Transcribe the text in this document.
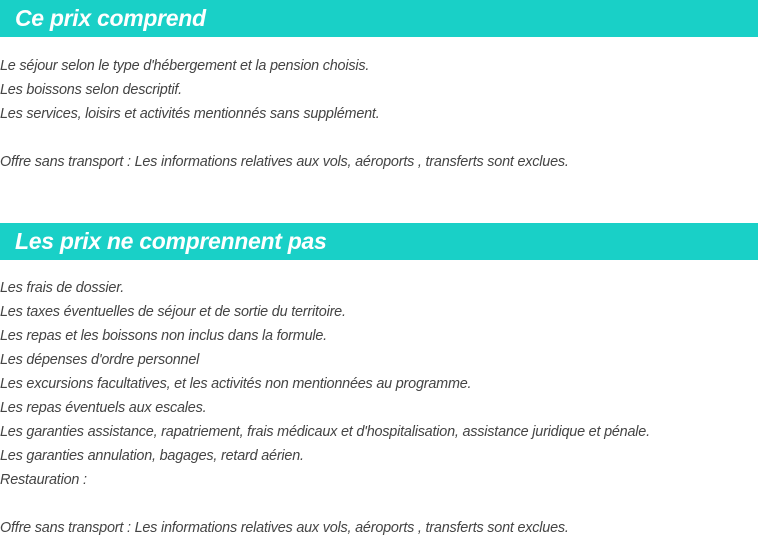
Ce prix comprend
Le séjour selon le type d'hébergement et la pension choisis.
Les boissons selon descriptif.
Les services, loisirs et activités mentionnés sans supplément.
Offre sans transport : Les informations relatives aux vols, aéroports , transferts sont exclues.
Les prix ne comprennent pas
Les frais de dossier.
Les taxes éventuelles de séjour et de sortie du territoire.
Les repas et les boissons non inclus dans la formule.
Les dépenses d'ordre personnel
Les excursions facultatives, et les activités non mentionnées au programme.
Les repas éventuels aux escales.
Les garanties assistance, rapatriement, frais médicaux et d'hospitalisation, assistance juridique et pénale.
Les garanties annulation, bagages, retard aérien.
Restauration :
Offre sans transport : Les informations relatives aux vols, aéroports , transferts sont exclues.
